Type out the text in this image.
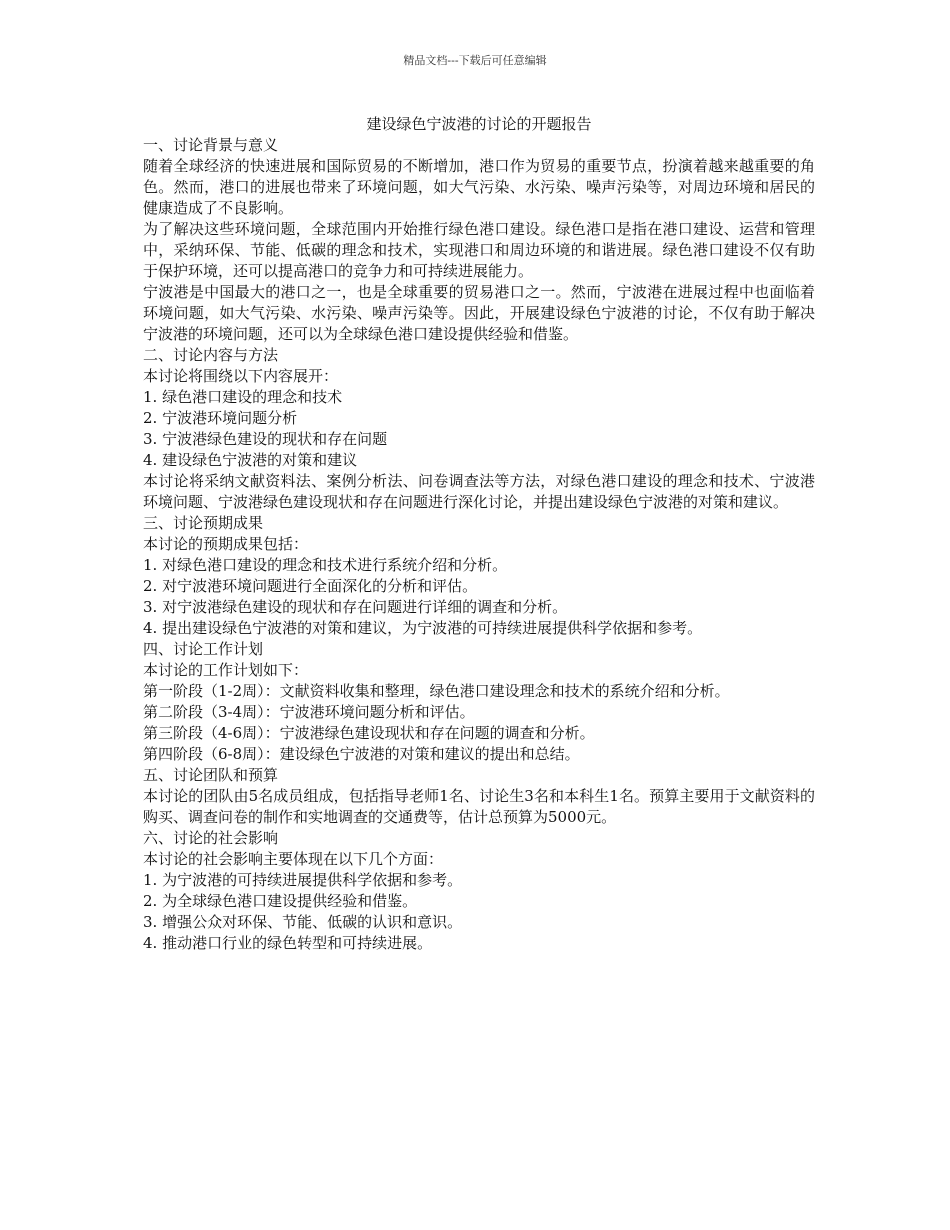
精品文档---下载后可任意编辑
建设绿色宁波港的讨论的开题报告

一、讨论背景与意义

随着全球经济的快速进展和国际贸易的不断增加，港口作为贸易的重要节点，扮演着越来越重要的角色。然而，港口的进展也带来了环境问题，如大气污染、水污染、噪声污染等，对周边环境和居民的健康造成了不良影响。

为了解决这些环境问题，全球范围内开始推行绿色港口建设。绿色港口是指在港口建设、运营和管理中，采纳环保、节能、低碳的理念和技术，实现港口和周边环境的和谐进展。绿色港口建设不仅有助于保护环境，还可以提高港口的竞争力和可持续进展能力。

宁波港是中国最大的港口之一，也是全球重要的贸易港口之一。然而，宁波港在进展过程中也面临着环境问题，如大气污染、水污染、噪声污染等。因此，开展建设绿色宁波港的讨论，不仅有助于解决宁波港的环境问题，还可以为全球绿色港口建设提供经验和借鉴。

二、讨论内容与方法

本讨论将围绕以下内容展开：

1. 绿色港口建设的理念和技术

2. 宁波港环境问题分析

3. 宁波港绿色建设的现状和存在问题

4. 建设绿色宁波港的对策和建议

本讨论将采纳文献资料法、案例分析法、问卷调查法等方法，对绿色港口建设的理念和技术、宁波港环境问题、宁波港绿色建设现状和存在问题进行深化讨论，并提出建设绿色宁波港的对策和建议。

三、讨论预期成果

本讨论的预期成果包括：

1. 对绿色港口建设的理念和技术进行系统介绍和分析。

2. 对宁波港环境问题进行全面深化的分析和评估。

3. 对宁波港绿色建设的现状和存在问题进行详细的调查和分析。

4. 提出建设绿色宁波港的对策和建议，为宁波港的可持续进展提供科学依据和参考。

四、讨论工作计划

本讨论的工作计划如下：

第一阶段（1-2周）：文献资料收集和整理，绿色港口建设理念和技术的系统介绍和分析。

第二阶段（3-4周）：宁波港环境问题分析和评估。

第三阶段（4-6周）：宁波港绿色建设现状和存在问题的调查和分析。

第四阶段（6-8周）：建设绿色宁波港的对策和建议的提出和总结。

五、讨论团队和预算

本讨论的团队由5名成员组成，包括指导老师1名、讨论生3名和本科生1名。预算主要用于文献资料的购买、调查问卷的制作和实地调查的交通费等，估计总预算为5000元。

六、讨论的社会影响

本讨论的社会影响主要体现在以下几个方面：

1. 为宁波港的可持续进展提供科学依据和参考。

2. 为全球绿色港口建设提供经验和借鉴。

3. 增强公众对环保、节能、低碳的认识和意识。

4. 推动港口行业的绿色转型和可持续进展。
